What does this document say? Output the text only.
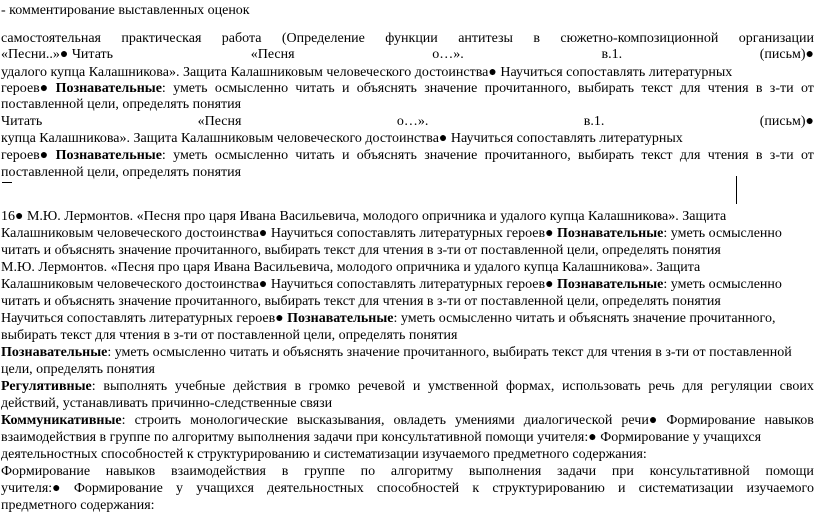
- комментирование выставленных оценок
самостоятельная практическая работа (Определение функции антитезы в сюжетно-композиционной организации
«Песни..»● Читать	«Песня	о…».	в.1.	(письм)●
удалого купца Калашникова». Защита Калашниковым человеческого достоинства● Научиться сопоставлять литературных
героев● Познавательные: уметь осмысленно читать и объяснять значение прочитанного, выбирать текст для чтения в з-ти от
поставленной цели, определять понятия
Читать	«Песня	о…».	в.1.	(письм)●
купца Калашникова». Защита Калашниковым человеческого достоинства● Научиться сопоставлять литературных
героев● Познавательные: уметь осмысленно читать и объяснять значение прочитанного, выбирать текст для чтения в з-ти от
поставленной цели, определять понятия
16● М.Ю. Лермонтов. «Песня про царя Ивана Васильевича, молодого опричника и удалого купца Калашникова». Защита
Калашниковым человеческого достоинства● Научиться сопоставлять литературных героев● Познавательные: уметь осмысленно
читать и объяснять значение прочитанного, выбирать текст для чтения в з-ти от поставленной цели, определять понятия
М.Ю. Лермонтов. «Песня про царя Ивана Васильевича, молодого опричника и удалого купца Калашникова». Защита
Калашниковым человеческого достоинства● Научиться сопоставлять литературных героев● Познавательные: уметь осмысленно
читать и объяснять значение прочитанного, выбирать текст для чтения в з-ти от поставленной цели, определять понятия
Научиться сопоставлять литературных героев● Познавательные: уметь осмысленно читать и объяснять значение прочитанного,
выбирать текст для чтения в з-ти от поставленной цели, определять понятия
Познавательные: уметь осмысленно читать и объяснять значение прочитанного, выбирать текст для чтения в з-ти от поставленной
цели, определять понятия
Регулятивные: выполнять учебные действия в громко речевой и умственной формах, использовать речь для регуляции своих
действий, устанавливать причинно-следственные связи
Коммуникативные: строить монологические высказывания, овладеть умениями диалогической речи● Формирование навыков
взаимодействия в группе по алгоритму выполнения задачи при консультативной помощи учителя:● Формирование у учащихся
деятельностных способностей к структурированию и систематизации изучаемого предметного содержания:
Формирование навыков взаимодействия в группе по алгоритму выполнения задачи при консультативной помощи
учителя:● Формирование у учащихся деятельностных способностей к структурированию и систематизации изучаемого
предметного содержания:
